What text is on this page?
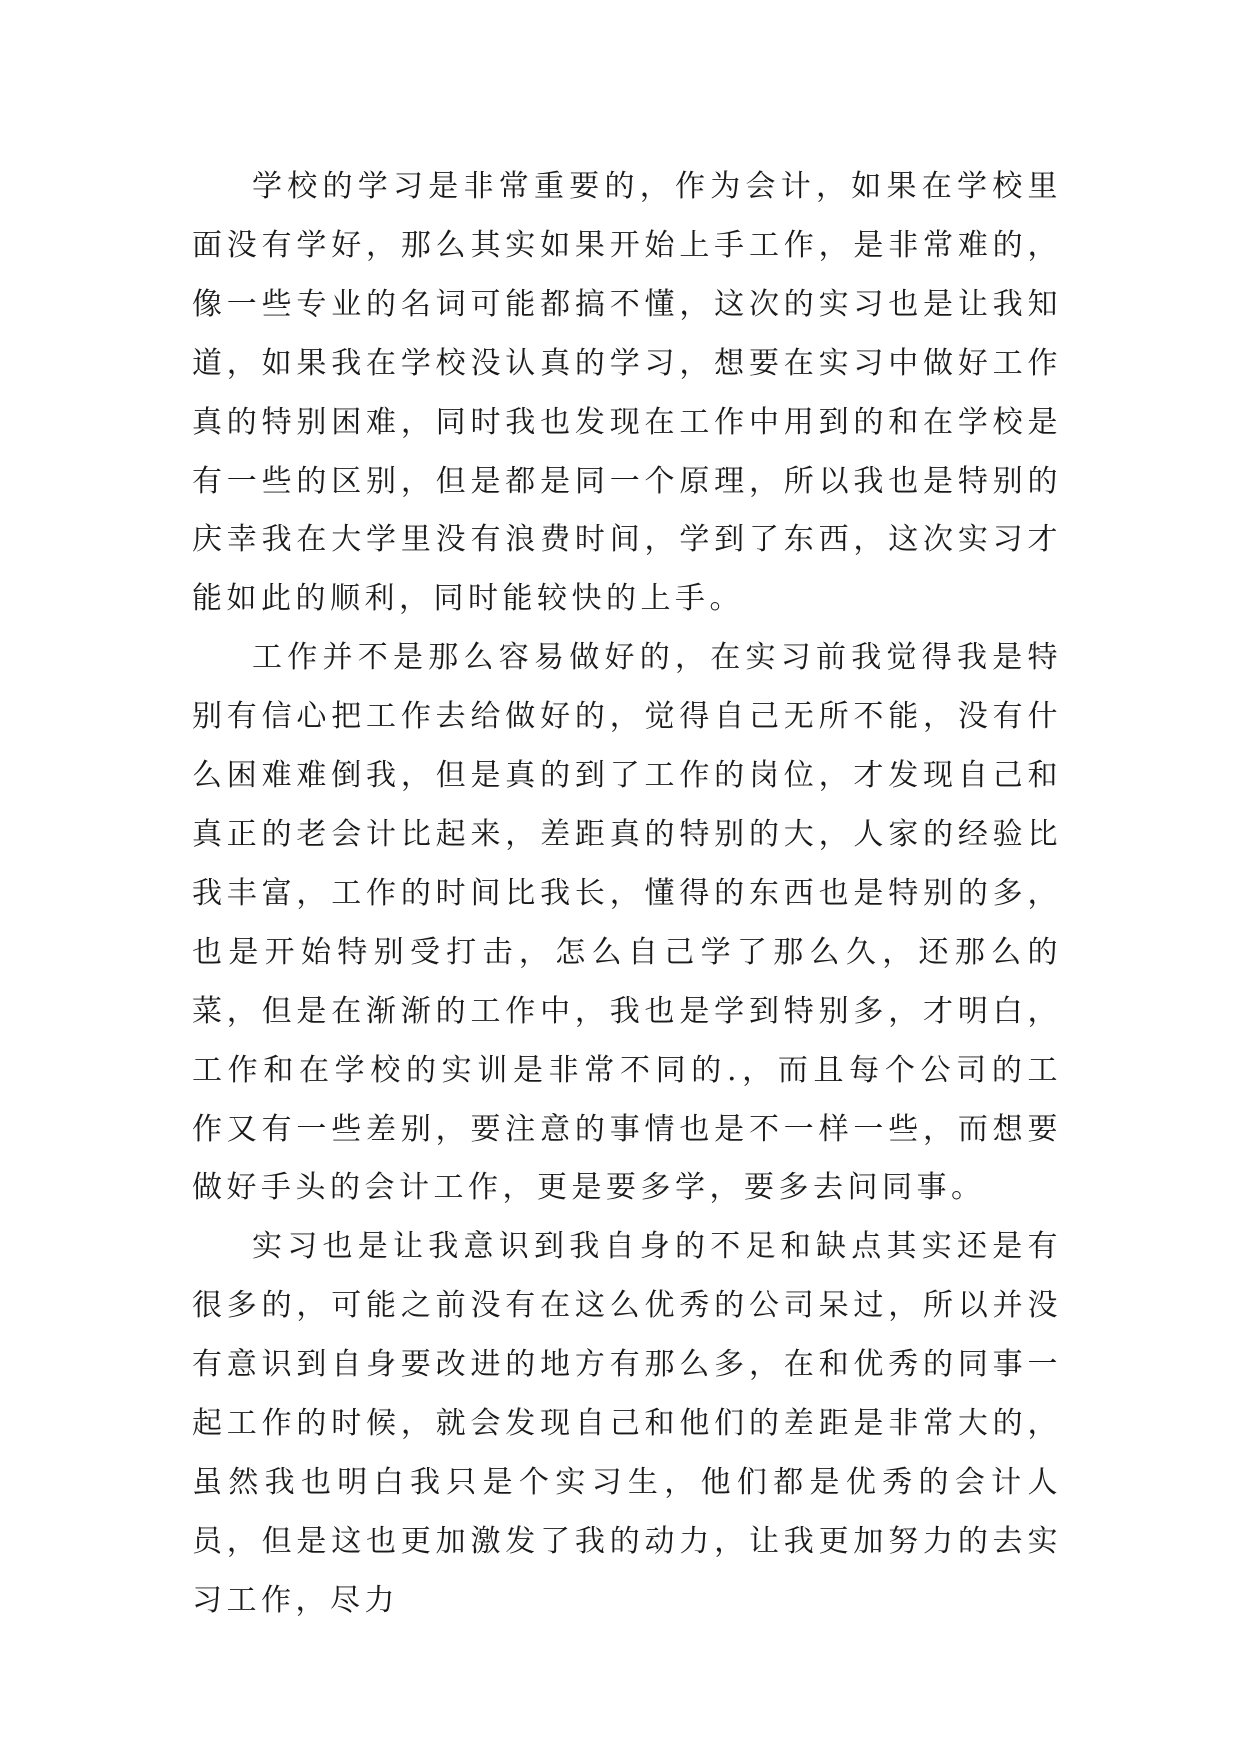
学校的学习是非常重要的，作为会计，如果在学校里面没有学好，那么其实如果开始上手工作，是非常难的，像一些专业的名词可能都搞不懂，这次的实习也是让我知道，如果我在学校没认真的学习，想要在实习中做好工作真的特别困难，同时我也发现在工作中用到的和在学校是有一些的区别，但是都是同一个原理，所以我也是特别的庆幸我在大学里没有浪费时间，学到了东西，这次实习才能如此的顺利，同时能较快的上手。

工作并不是那么容易做好的，在实习前我觉得我是特别有信心把工作去给做好的，觉得自己无所不能，没有什么困难难倒我，但是真的到了工作的岗位，才发现自己和真正的老会计比起来，差距真的特别的大，人家的经验比我丰富，工作的时间比我长，懂得的东西也是特别的多，也是开始特别受打击，怎么自己学了那么久，还那么的菜，但是在渐渐的工作中，我也是学到特别多，才明白，工作和在学校的实训是非常不同的.，而且每个公司的工作又有一些差别，要注意的事情也是不一样一些，而想要做好手头的会计工作，更是要多学，要多去问同事。

实习也是让我意识到我自身的不足和缺点其实还是有很多的，可能之前没有在这么优秀的公司呆过，所以并没有意识到自身要改进的地方有那么多，在和优秀的同事一起工作的时候，就会发现自己和他们的差距是非常大的，虽然我也明白我只是个实习生，他们都是优秀的会计人员，但是这也更加激发了我的动力，让我更加努力的去实习工作，尽力
